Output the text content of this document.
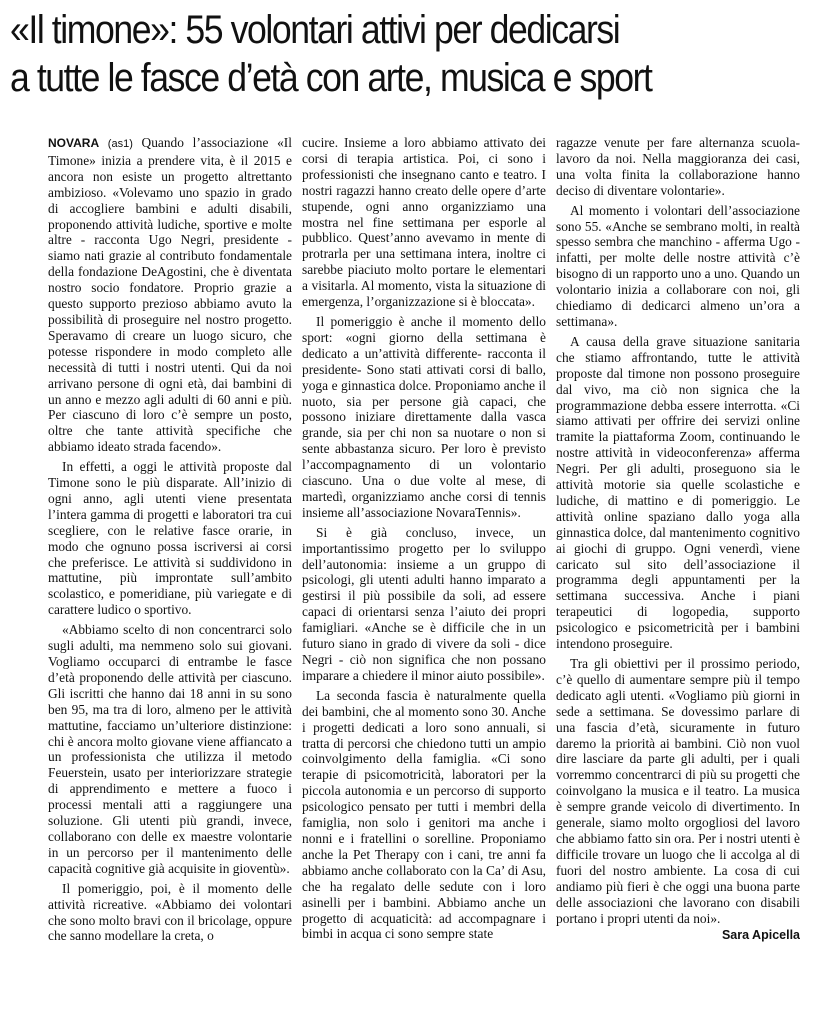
«Il timone»: 55 volontari attivi per dedicarsi
a tutte le fasce d’età con arte, musica e sport

NOVARA (as1) Quando l’associazione «Il Timone» inizia a prendere vita, è il 2015 e ancora non esiste un progetto altrettanto ambizioso. «Volevamo uno spazio in grado di accogliere bambini e adulti disabili, proponendo attività ludiche, sportive e molte altre - racconta Ugo Negri, presidente - siamo nati grazie al contributo fondamentale della fondazione DeAgostini, che è diventata nostro socio fondatore. Proprio grazie a questo supporto prezioso abbiamo avuto la possibilità di proseguire nel nostro progetto. Speravamo di creare un luogo sicuro, che potesse rispondere in modo completo alle necessità di tutti i nostri utenti. Qui da noi arrivano persone di ogni età, dai bambini di un anno e mezzo agli adulti di 60 anni e più. Per ciascuno di loro c’è sempre un posto, oltre che tante attività specifiche che abbiamo ideato strada facendo».

In effetti, a oggi le attività proposte dal Timone sono le più disparate. All’inizio di ogni anno, agli utenti viene presentata l’intera gamma di progetti e laboratori tra cui scegliere, con le relative fasce orarie, in modo che ognuno possa iscriversi ai corsi che preferisce. Le attività si suddividono in mattutine, più improntate sull’ambito scolastico, e pomeridiane, più variegate e di carattere ludico o sportivo.

«Abbiamo scelto di non concentrarci solo sugli adulti, ma nemmeno solo sui giovani. Vogliamo occuparci di entrambe le fasce d’età proponendo delle attività per ciascuno. Gli iscritti che hanno dai 18 anni in su sono ben 95, ma tra di loro, almeno per le attività mattutine, facciamo un’ulteriore distinzione: chi è ancora molto giovane viene affiancato a un professionista che utilizza il metodo Feuerstein, usato per interiorizzare strategie di apprendimento e mettere a fuoco i processi mentali atti a raggiungere una soluzione. Gli utenti più grandi, invece, collaborano con delle ex maestre volontarie in un percorso per il mantenimento delle capacità cognitive già acquisite in gioventù».

Il pomeriggio, poi, è il momento delle attività ricreative. «Abbiamo dei volontari che sono molto bravi con il bricolage, oppure che sanno modellare la creta, o

cucire. Insieme a loro abbiamo attivato dei corsi di terapia artistica. Poi, ci sono i professionisti che insegnano canto e teatro. I nostri ragazzi hanno creato delle opere d’arte stupende, ogni anno organizziamo una mostra nel fine settimana per esporle al pubblico. Quest’anno avevamo in mente di protrarla per una settimana intera, inoltre ci sarebbe piaciuto molto portare le elementari a visitarla. Al momento, vista la situazione di emergenza, l’organizzazione si è bloccata».

Il pomeriggio è anche il momento dello sport: «ogni giorno della settimana è dedicato a un’attività differente- racconta il presidente- Sono stati attivati corsi di ballo, yoga e ginnastica dolce. Proponiamo anche il nuoto, sia per persone già capaci, che possono iniziare direttamente dalla vasca grande, sia per chi non sa nuotare o non si sente abbastanza sicuro. Per loro è previsto l’accompagnamento di un volontario ciascuno. Una o due volte al mese, di martedì, organizziamo anche corsi di tennis insieme all’associazione NovaraTennis».

Si è già concluso, invece, un importantissimo progetto per lo sviluppo dell’autonomia: insieme a un gruppo di psicologi, gli utenti adulti hanno imparato a gestirsi il più possibile da soli, ad essere capaci di orientarsi senza l’aiuto dei propri famigliari. «Anche se è difficile che in un futuro siano in grado di vivere da soli - dice Negri - ciò non significa che non possano imparare a chiedere il minor aiuto possibile».

La seconda fascia è naturalmente quella dei bambini, che al momento sono 30. Anche i progetti dedicati a loro sono annuali, si tratta di percorsi che chiedono tutti un ampio coinvolgimento della famiglia. «Ci sono terapie di psicomotricità, laboratori per la piccola autonomia e un percorso di supporto psicologico pensato per tutti i membri della famiglia, non solo i genitori ma anche i nonni e i fratellini o sorelline. Proponiamo anche la Pet Therapy con i cani, tre anni fa abbiamo anche collaborato con la Ca’ di Asu, che ha regalato delle sedute con i loro asinelli per i bambini. Abbiamo anche un progetto di acquaticità: ad accompagnare i bimbi in acqua ci sono sempre state

ragazze venute per fare alternanza scuola-lavoro da noi. Nella maggioranza dei casi, una volta finita la collaborazione hanno deciso di diventare volontarie».

Al momento i volontari dell’associazione sono 55. «Anche se sembrano molti, in realtà spesso sembra che manchino - afferma Ugo - infatti, per molte delle nostre attività c’è bisogno di un rapporto uno a uno. Quando un volontario inizia a collaborare con noi, gli chiediamo di dedicarci almeno un’ora a settimana».

A causa della grave situazione sanitaria che stiamo affrontando, tutte le attività proposte dal timone non possono proseguire dal vivo, ma ciò non signica che la programmazione debba essere interrotta. «Ci siamo attivati per offrire dei servizi online tramite la piattaforma Zoom, continuando le nostre attività in videoconferenza» afferma Negri. Per gli adulti, proseguono sia le attività motorie sia quelle scolastiche e ludiche, di mattino e di pomeriggio. Le attività online spaziano dallo yoga alla ginnastica dolce, dal mantenimento cognitivo ai giochi di gruppo. Ogni venerdì, viene caricato sul sito dell’associazione il programma degli appuntamenti per la settimana successiva. Anche i piani terapeutici di logopedia, supporto psicologico e psicometricità per i bambini intendono proseguire.

Tra gli obiettivi per il prossimo periodo, c’è quello di aumentare sempre più il tempo dedicato agli utenti. «Vogliamo più giorni in sede a settimana. Se dovessimo parlare di una fascia d’età, sicuramente in futuro daremo la priorità ai bambini. Ciò non vuol dire lasciare da parte gli adulti, per i quali vorremmo concentrarci di più su progetti che coinvolgano la musica e il teatro. La musica è sempre grande veicolo di divertimento. In generale, siamo molto orgogliosi del lavoro che abbiamo fatto sin ora. Per i nostri utenti è difficile trovare un luogo che li accolga al di fuori del nostro ambiente. La cosa di cui andiamo più fieri è che oggi una buona parte delle associazioni che lavorano con disabili portano i propri utenti da noi».

Sara Apicella
